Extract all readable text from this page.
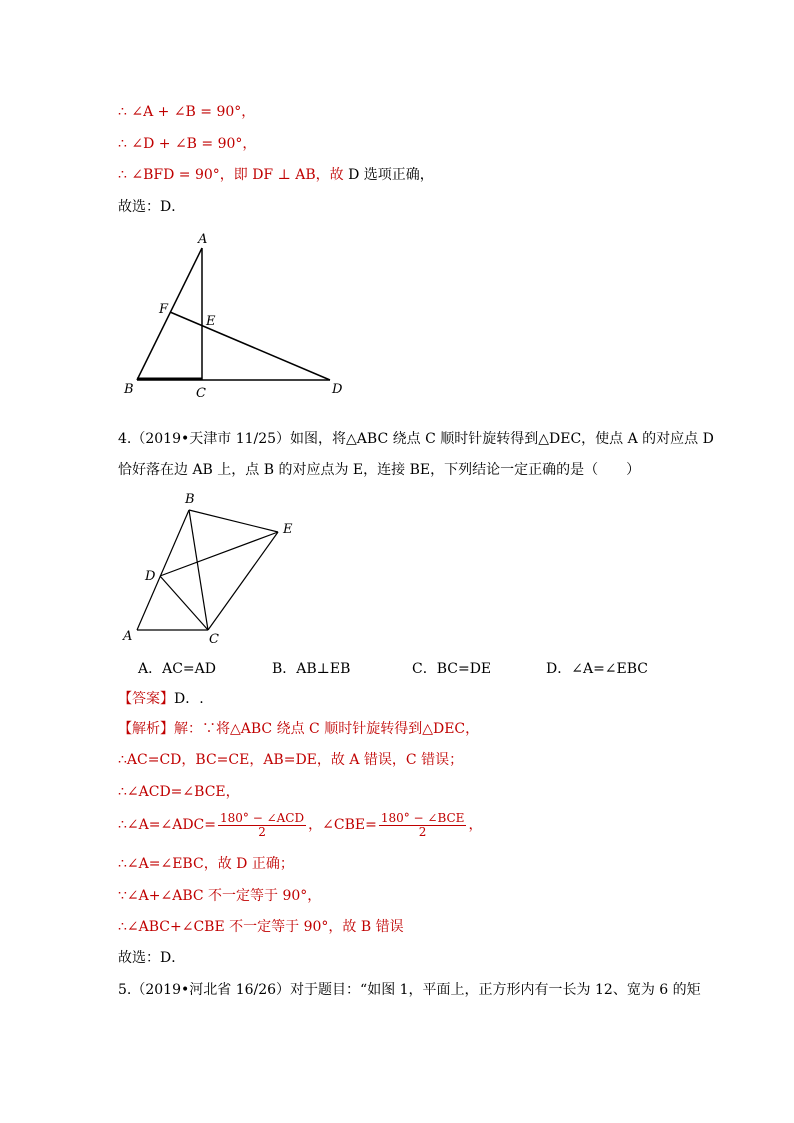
∴ ∠A + ∠B = 90°，
∴ ∠D + ∠B = 90°，
∴ ∠BFD = 90°，即 DF ⊥ AB，故 D 选项正确，
故选：D．
A
F
E
B	C	D
4.（2019•天津市 11/25）如图，将△ABC 绕点 C 顺时针旋转得到△DEC，使点 A 的对应点 D
恰好落在边 AB 上，点 B 的对应点为 E，连接 BE，下列结论一定正确的是（　　）
B
E
D
A	C
A．AC=AD	B．AB⊥EB	C．BC=DE	D．∠A=∠EBC
【答案】D．.
【解析】解：∵将△ABC 绕点 C 顺时针旋转得到△DEC，
∴AC=CD，BC=CE，AB=DE，故 A 错误，C 错误；
∴∠ACD=∠BCE，
∴∠A=∠ADC= $\frac{\text{180° − ∠ACD}}{2}$ ，∠CBE= $\frac{\text{180° − ∠BCE}}{2}$ ，
∴∠A=∠EBC，故 D 正确；
∵∠A+∠ABC 不一定等于 90°，
∴∠ABC+∠CBE 不一定等于 90°，故 B 错误
故选：D．
5.（2019•河北省 16/26）对于题目：“如图 1，平面上，正方形内有一长为 12、宽为 6 的矩
